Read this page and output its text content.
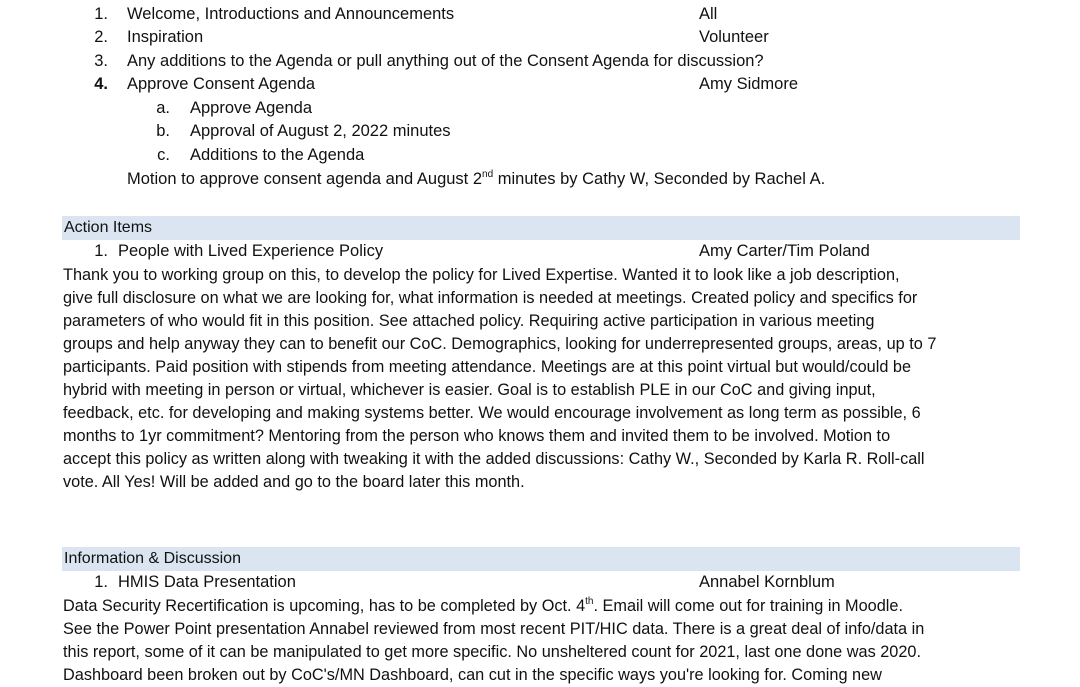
1. Welcome, Introductions and Announcements	All
2. Inspiration	Volunteer
3. Any additions to the Agenda or pull anything out of the Consent Agenda for discussion?
4. Approve Consent Agenda	Amy Sidmore
a. Approve Agenda
b. Approval of August 2, 2022 minutes
c. Additions to the Agenda
Motion to approve consent agenda and August 2nd minutes by Cathy W, Seconded by Rachel A.
Action Items
1. People with Lived Experience Policy	Amy Carter/Tim Poland
Thank you to working group on this, to develop the policy for Lived Expertise. Wanted it to look like a job description,
give full disclosure on what we are looking for, what information is needed at meetings. Created policy and specifics for
parameters of who would fit in this position. See attached policy. Requiring active participation in various meeting
groups and help anyway they can to benefit our CoC. Demographics, looking for underrepresented groups, areas, up to 7
participants. Paid position with stipends from meeting attendance. Meetings are at this point virtual but would/could be
hybrid with meeting in person or virtual, whichever is easier. Goal is to establish PLE in our CoC and giving input,
feedback, etc. for developing and making systems better. We would encourage involvement as long term as possible, 6
months to 1yr commitment? Mentoring from the person who knows them and invited them to be involved. Motion to
accept this policy as written along with tweaking it with the added discussions: Cathy W., Seconded by Karla R. Roll-call
vote. All Yes! Will be added and go to the board later this month.
Information & Discussion
1. HMIS Data Presentation	Annabel Kornblum
Data Security Recertification is upcoming, has to be completed by Oct. 4th. Email will come out for training in Moodle.
See the Power Point presentation Annabel reviewed from most recent PIT/HIC data. There is a great deal of info/data in
this report, some of it can be manipulated to get more specific. No unsheltered count for 2021, last one done was 2020.
Dashboard been broken out by CoC's/MN Dashboard, can cut in the specific ways you're looking for. Coming new
